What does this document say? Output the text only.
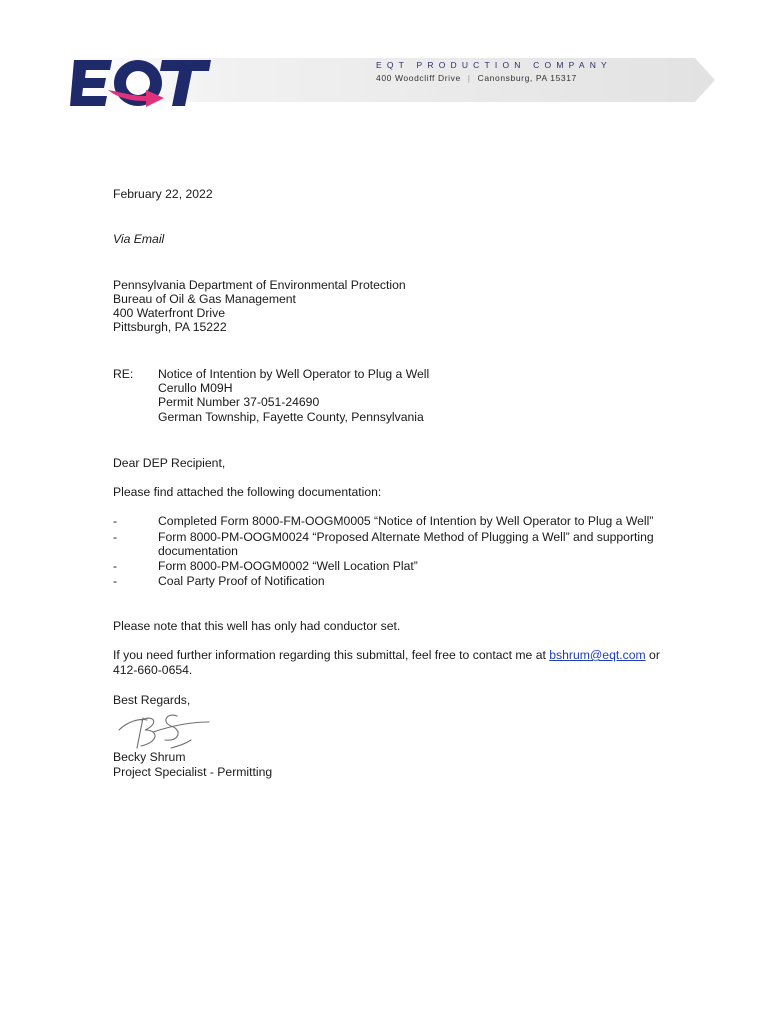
EQT PRODUCTION COMPANY
400 Woodcliff Drive | Canonsburg, PA 15317
February 22, 2022
Via Email
Pennsylvania Department of Environmental Protection
Bureau of Oil & Gas Management
400 Waterfront Drive
Pittsburgh, PA 15222
RE: Notice of Intention by Well Operator to Plug a Well
Cerullo M09H
Permit Number 37-051-24690
German Township, Fayette County, Pennsylvania
Dear DEP Recipient,
Please find attached the following documentation:
-	Completed Form 8000-FM-OOGM0005 “Notice of Intention by Well Operator to Plug a Well”
-	Form 8000-PM-OOGM0024 “Proposed Alternate Method of Plugging a Well” and supporting
documentation
-	Form 8000-PM-OOGM0002 “Well Location Plat”
-	Coal Party Proof of Notification
Please note that this well has only had conductor set.
If you need further information regarding this submittal, feel free to contact me at bshrum@eqt.com or
412-660-0654.
Best Regards,
Becky Shrum
Project Specialist - Permitting
